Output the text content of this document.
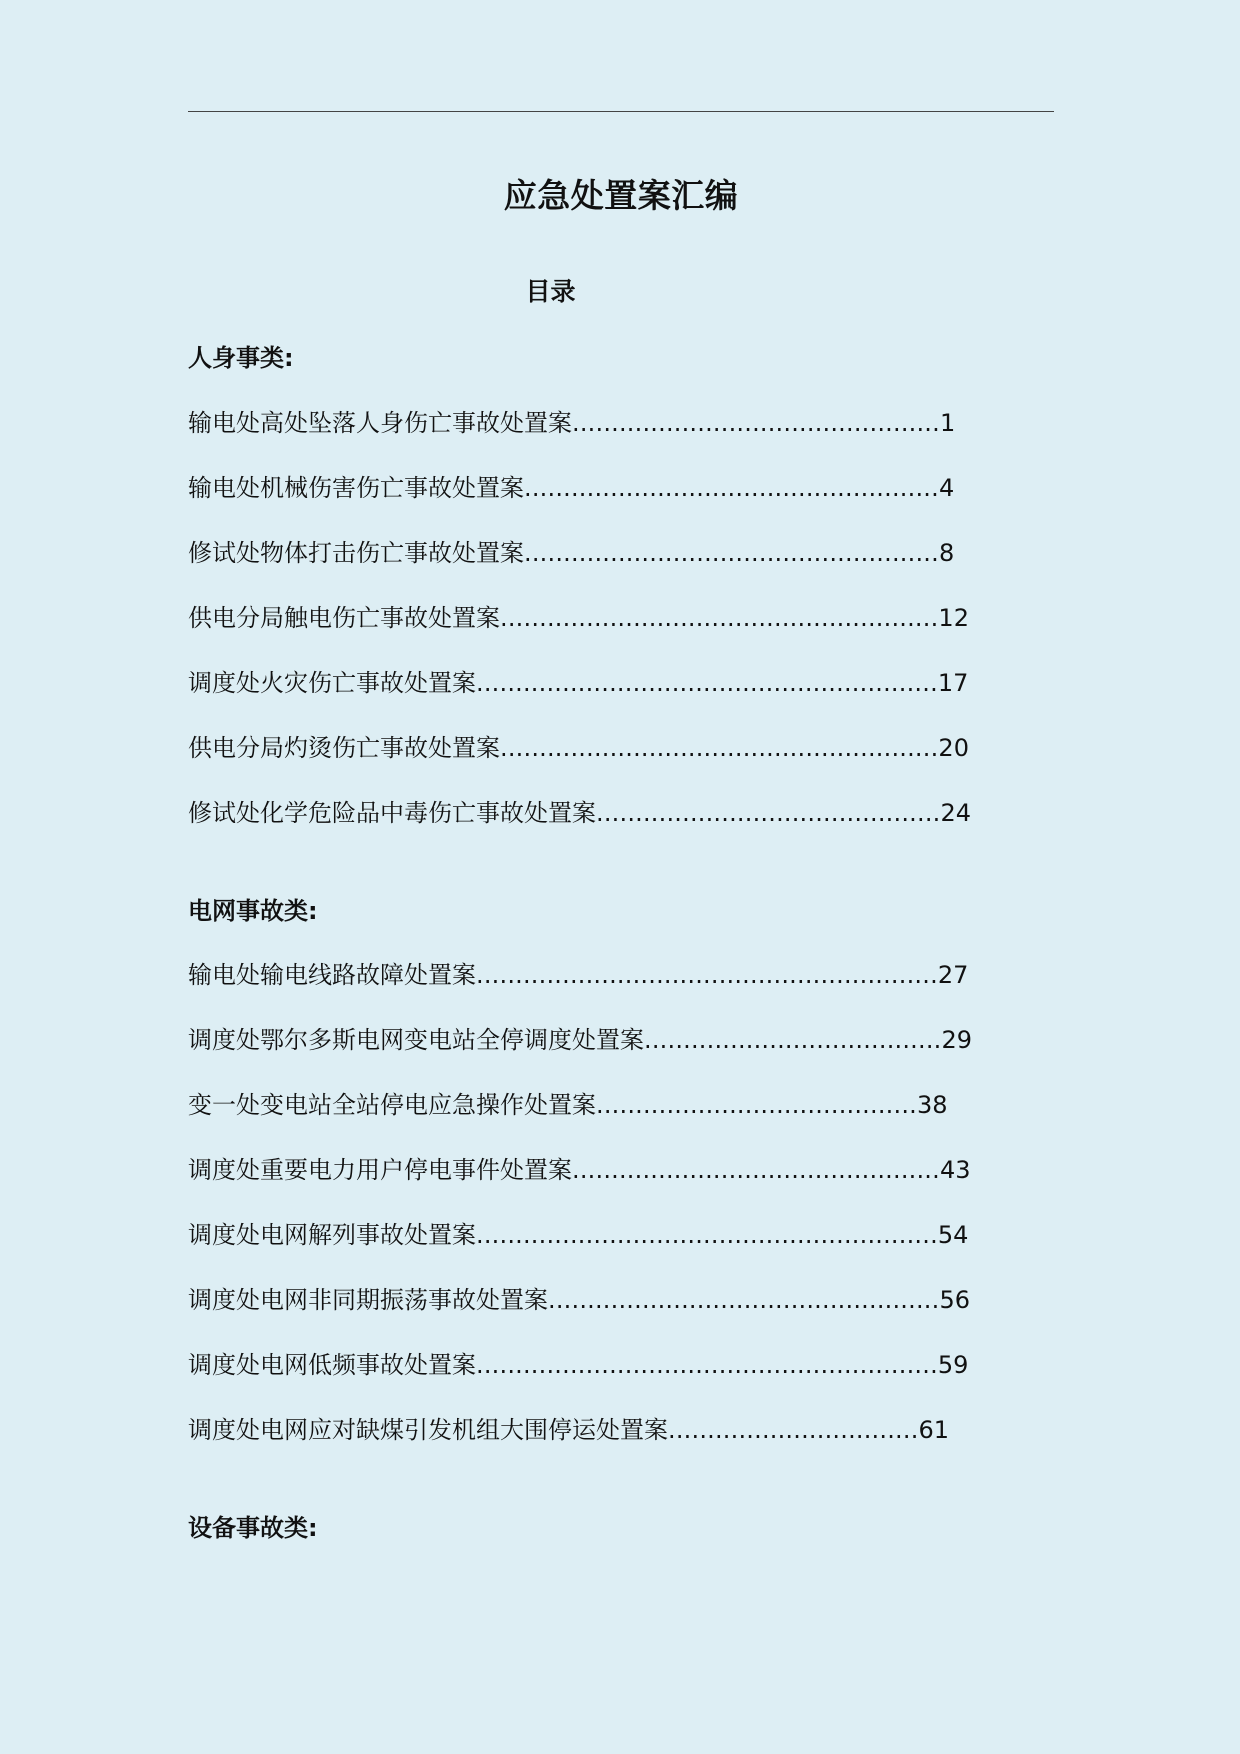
应急处置案汇编
目录
人身事类:
输电处高处坠落人身伤亡事故处置案...............................................1
输电处机械伤害伤亡事故处置案.....................................................4
修试处物体打击伤亡事故处置案.....................................................8
供电分局触电伤亡事故处置案........................................................12
调度处火灾伤亡事故处置案...........................................................17
供电分局灼烫伤亡事故处置案........................................................20
修试处化学危险品中毒伤亡事故处置案............................................24
电网事故类:
输电处输电线路故障处置案...........................................................27
调度处鄂尔多斯电网变电站全停调度处置案......................................29
变一处变电站全站停电应急操作处置案.........................................38
调度处重要电力用户停电事件处置案...............................................43
调度处电网解列事故处置案...........................................................54
调度处电网非同期振荡事故处置案..................................................56
调度处电网低频事故处置案...........................................................59
调度处电网应对缺煤引发机组大围停运处置案................................61
设备事故类:
